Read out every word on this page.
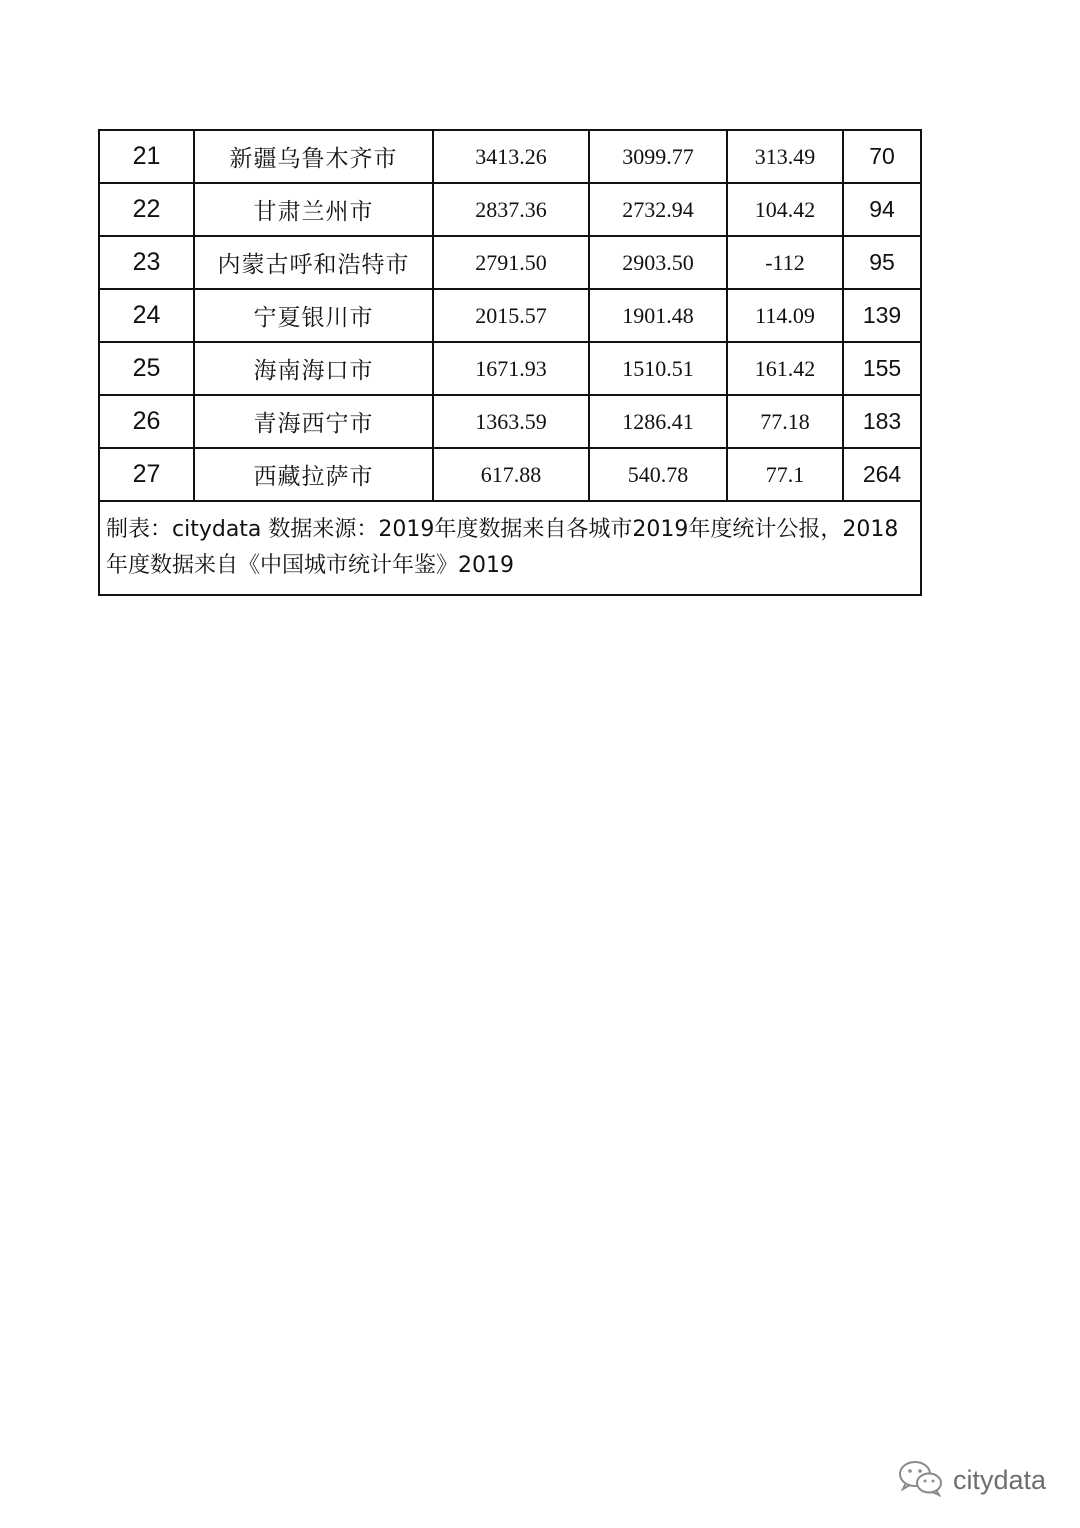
21	新疆乌鲁木齐市	3413.26	3099.77	313.49	70
22	甘肃兰州市	2837.36	2732.94	104.42	94
23	内蒙古呼和浩特市	2791.50	2903.50	-112	95
24	宁夏银川市	2015.57	1901.48	114.09	139
25	海南海口市	1671.93	1510.51	161.42	155
26	青海西宁市	1363.59	1286.41	77.18	183
27	西藏拉萨市	617.88	540.78	77.1	264
制表：citydata 数据来源：2019年度数据来自各城市2019年度统计公报，2018年度数据来自《中国城市统计年鉴》2019					
citydata
